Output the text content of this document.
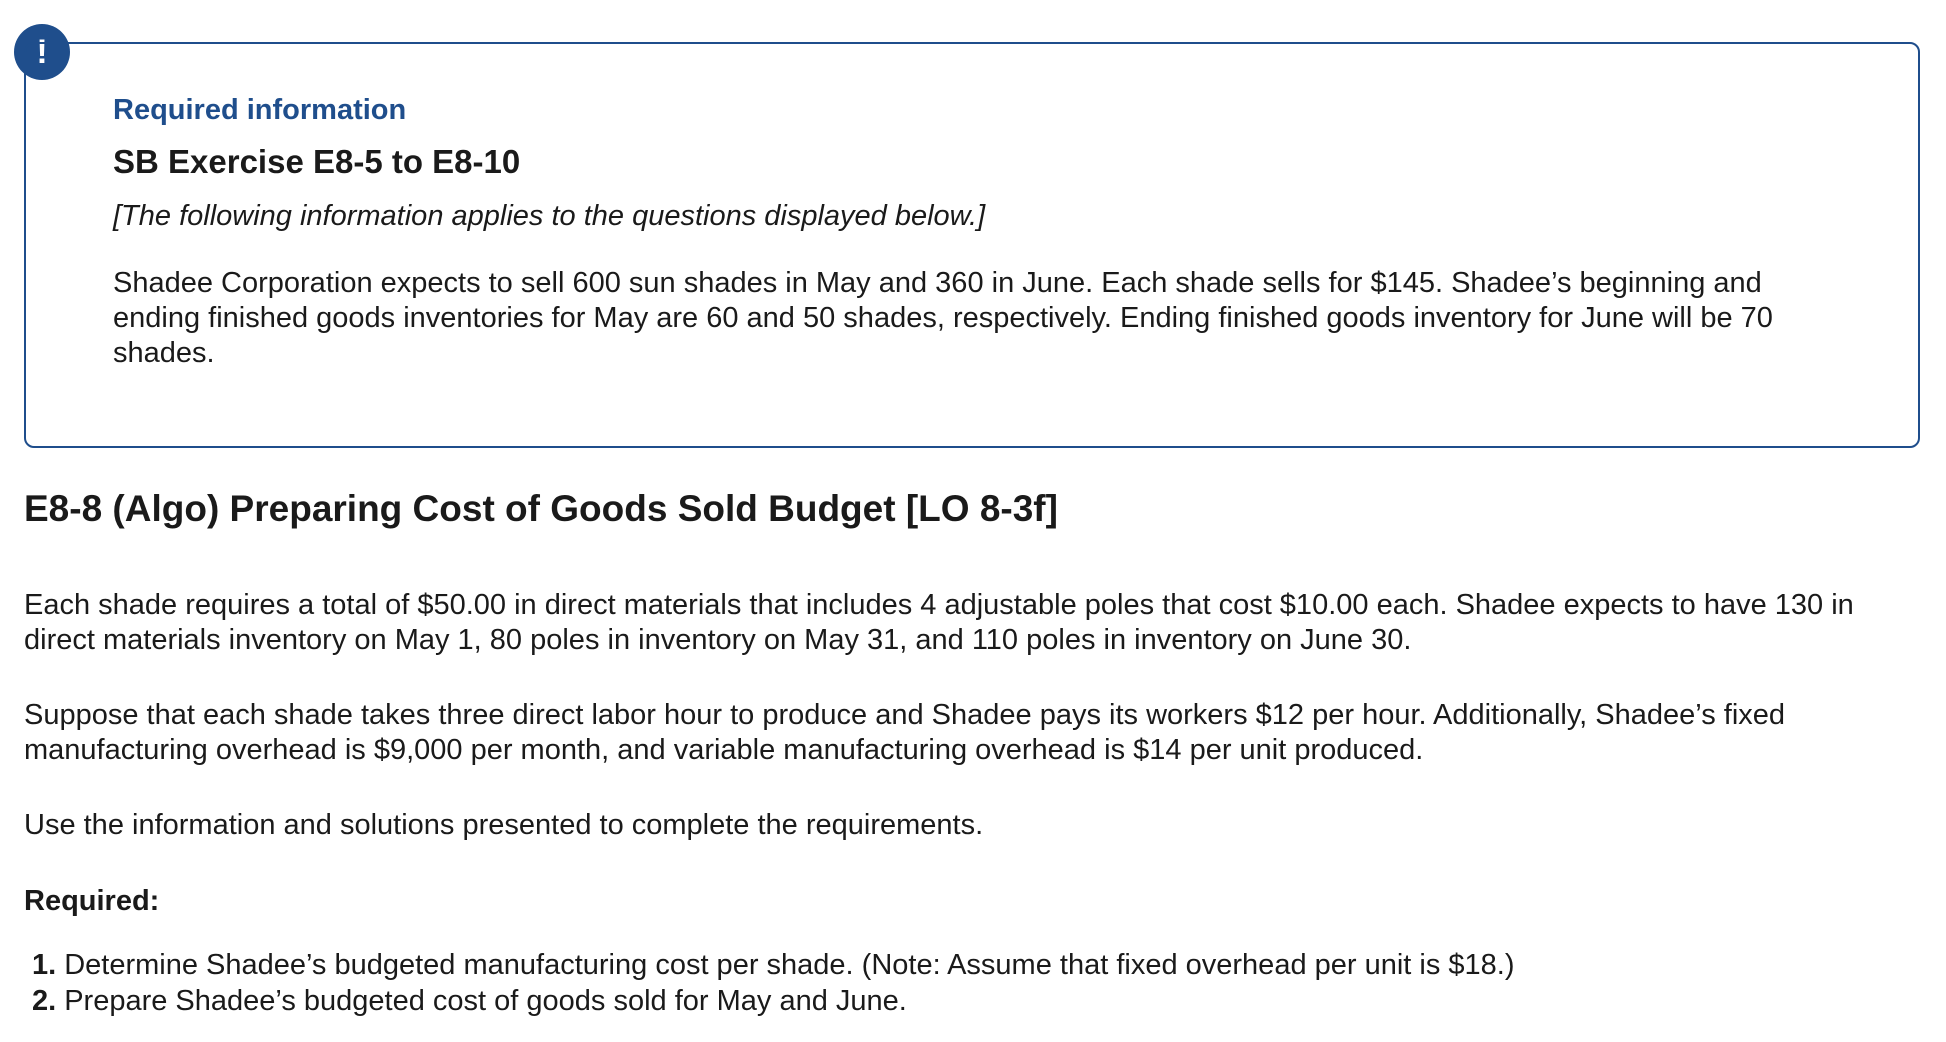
!
Required information
SB Exercise E8-5 to E8-10
[The following information applies to the questions displayed below.]

Shadee Corporation expects to sell 600 sun shades in May and 360 in June. Each shade sells for $145. Shadee’s beginning and ending finished goods inventories for May are 60 and 50 shades, respectively. Ending finished goods inventory for June will be 70 shades.

E8-8 (Algo) Preparing Cost of Goods Sold Budget [LO 8-3f]

Each shade requires a total of $50.00 in direct materials that includes 4 adjustable poles that cost $10.00 each. Shadee expects to have 130 in direct materials inventory on May 1, 80 poles in inventory on May 31, and 110 poles in inventory on June 30.

Suppose that each shade takes three direct labor hour to produce and Shadee pays its workers $12 per hour. Additionally, Shadee’s fixed manufacturing overhead is $9,000 per month, and variable manufacturing overhead is $14 per unit produced.

Use the information and solutions presented to complete the requirements.

Required:
1. Determine Shadee’s budgeted manufacturing cost per shade. (Note: Assume that fixed overhead per unit is $18.)
2. Prepare Shadee’s budgeted cost of goods sold for May and June.
